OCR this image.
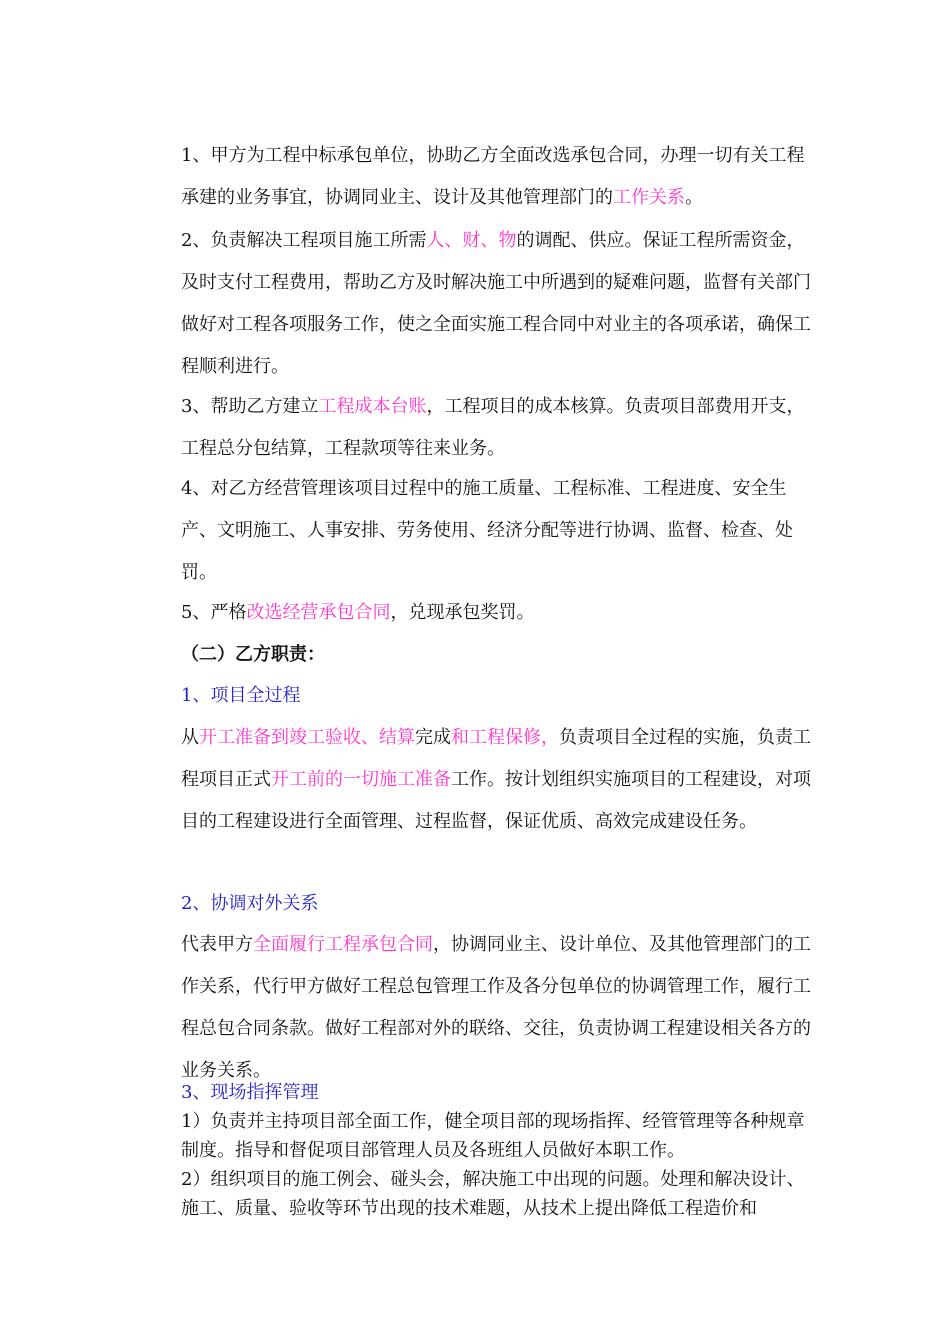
1、甲方为工程中标承包单位，协助乙方全面改选承包合同，办理一切有关工程承建的业务事宜，协调同业主、设计及其他管理部门的工作关系。

2、负责解决工程项目施工所需人、财、物的调配、供应。保证工程所需资金，及时支付工程费用，帮助乙方及时解决施工中所遇到的疑难问题，监督有关部门做好对工程各项服务工作，使之全面实施工程合同中对业主的各项承诺，确保工程顺利进行。

3、帮助乙方建立工程成本台账，工程项目的成本核算。负责项目部费用开支，工程总分包结算，工程款项等往来业务。

4、对乙方经营管理该项目过程中的施工质量、工程标准、工程进度、安全生产、文明施工、人事安排、劳务使用、经济分配等进行协调、监督、检查、处罚。

5、严格改选经营承包合同，兑现承包奖罚。

（二）乙方职责：

1、项目全过程

从开工准备到竣工验收、结算完成和工程保修，负责项目全过程的实施，负责工程项目正式开工前的一切施工准备工作。按计划组织实施项目的工程建设，对项目的工程建设进行全面管理、过程监督，保证优质、高效完成建设任务。

2、协调对外关系

代表甲方全面履行工程承包合同，协调同业主、设计单位、及其他管理部门的工作关系，代行甲方做好工程总包管理工作及各分包单位的协调管理工作，履行工程总包合同条款。做好工程部对外的联络、交往，负责协调工程建设相关各方的业务关系。

3、现场指挥管理

1）负责并主持项目部全面工作，健全项目部的现场指挥、经管管理等各种规章制度。指导和督促项目部管理人员及各班组人员做好本职工作。

2）组织项目的施工例会、碰头会，解决施工中出现的问题。处理和解决设计、施工、质量、验收等环节出现的技术难题，从技术上提出降低工程造价和
